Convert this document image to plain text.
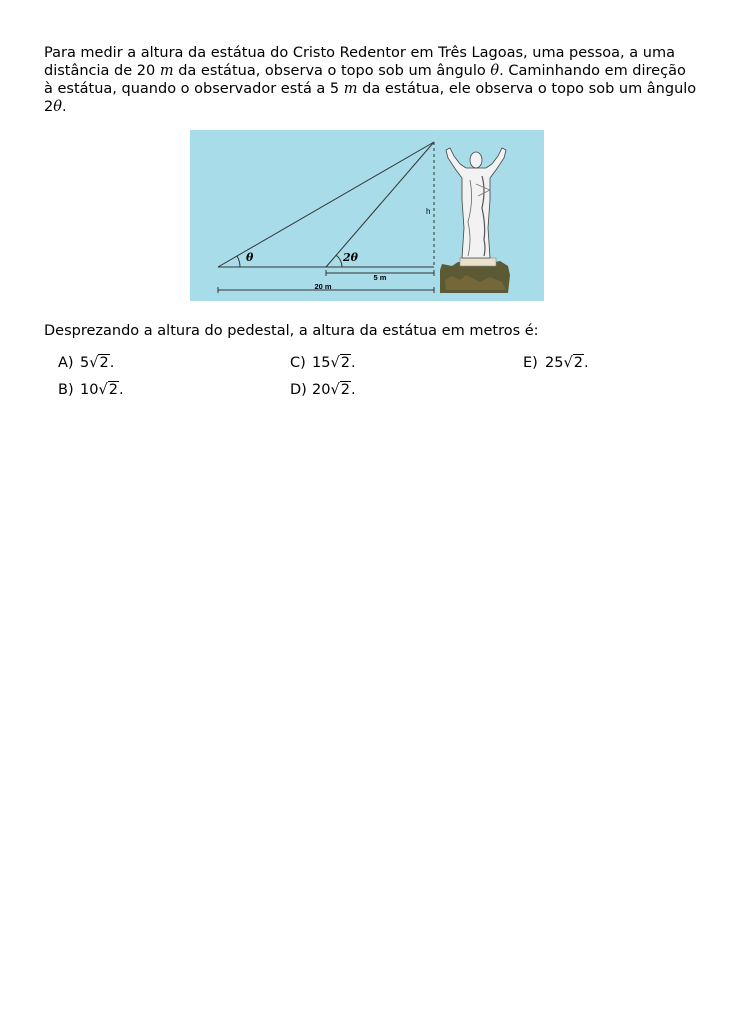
Para medir a altura da estátua do Cristo Redentor em Três Lagoas, uma pessoa, a uma
distância de 20 m da estátua, observa o topo sob um ângulo θ. Caminhando em direção
à estátua, quando o observador está a 5 m da estátua, ele observa o topo sob um ângulo
2θ.
θ	2θ
h
5 m
20 m
Desprezando a altura do pedestal, a altura da estátua em metros é:
A) 5√2.
B) 10√2.
C) 15√2.
D) 20√2.
E) 25√2.
